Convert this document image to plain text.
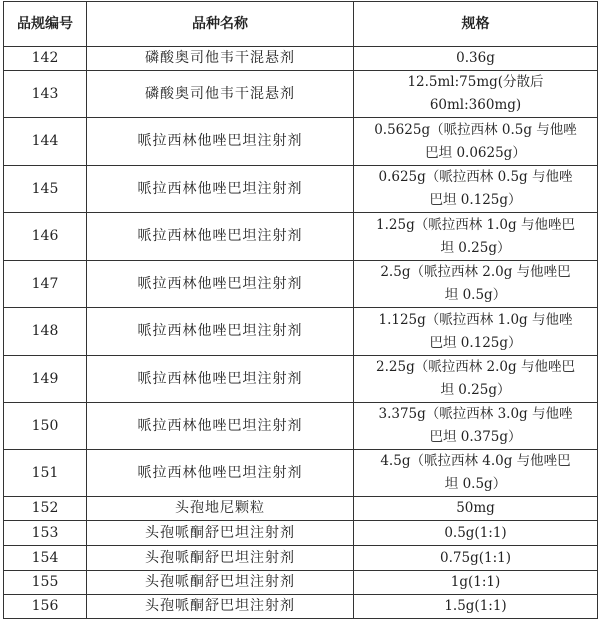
品规编号	品种名称	规格
142	磷酸奥司他韦干混悬剂	0.36g

143	磷酸奥司他韦干混悬剂	12.5ml:75mg(分散后
60ml:360mg)

144	哌拉西林他唑巴坦注射剂	0.5625g（哌拉西林 0.5g 与他唑
巴坦 0.0625g）

145	哌拉西林他唑巴坦注射剂	0.625g（哌拉西林 0.5g 与他唑
巴坦 0.125g）

146	哌拉西林他唑巴坦注射剂	1.25g（哌拉西林 1.0g 与他唑巴
坦 0.25g）

147	哌拉西林他唑巴坦注射剂	2.5g（哌拉西林 2.0g 与他唑巴
坦 0.5g）

148	哌拉西林他唑巴坦注射剂	1.125g（哌拉西林 1.0g 与他唑
巴坦 0.125g）

149	哌拉西林他唑巴坦注射剂	2.25g（哌拉西林 2.0g 与他唑巴
坦 0.25g）

150	哌拉西林他唑巴坦注射剂	3.375g（哌拉西林 3.0g 与他唑
巴坦 0.375g）

151	哌拉西林他唑巴坦注射剂	4.5g（哌拉西林 4.0g 与他唑巴
坦 0.5g）

152	头孢地尼颗粒	50mg

153	头孢哌酮舒巴坦注射剂	0.5g(1:1)

154	头孢哌酮舒巴坦注射剂	0.75g(1:1)

155	头孢哌酮舒巴坦注射剂	1g(1:1)

156	头孢哌酮舒巴坦注射剂	1.5g(1:1)
